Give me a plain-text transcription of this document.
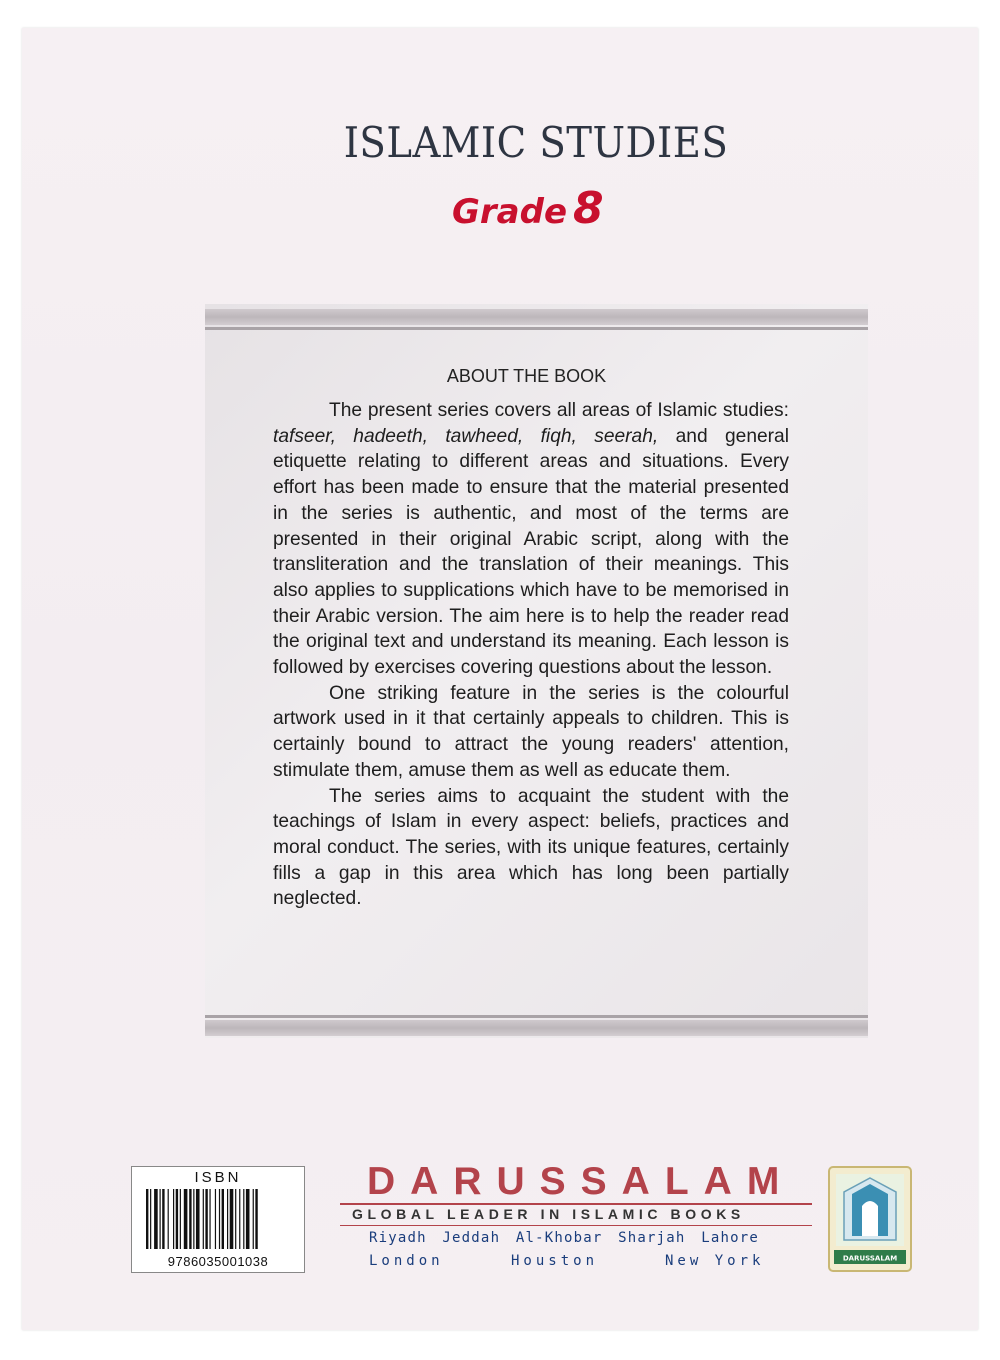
ISLAMIC STUDIES
Grade 8
ABOUT THE BOOK

The present series covers all areas of Islamic studies: tafseer, hadeeth, tawheed, fiqh, seerah, and general etiquette relating to different areas and situations. Every effort has been made to ensure that the material presented in the series is authentic, and most of the terms are presented in their original Arabic script, along with the transliteration and the translation of their meanings. This also applies to supplications which have to be memorised in their Arabic version. The aim here is to help the reader read the original text and understand its meaning. Each lesson is followed by exercises covering questions about the lesson.

One striking feature in the series is the colourful artwork used in it that certainly appeals to children. This is certainly bound to attract the young readers' attention, stimulate them, amuse them as well as educate them.

The series aims to acquaint the student with the teachings of Islam in every aspect: beliefs, practices and moral conduct. The series, with its unique features, certainly fills a gap in this area which has long been partially neglected.

ISBN
9786035001038
DARUSSALAM
GLOBAL LEADER IN ISLAMIC BOOKS
Riyadh Jeddah Al-Khobar Sharjah Lahore
London	Houston	New York	DARUSSALAM
